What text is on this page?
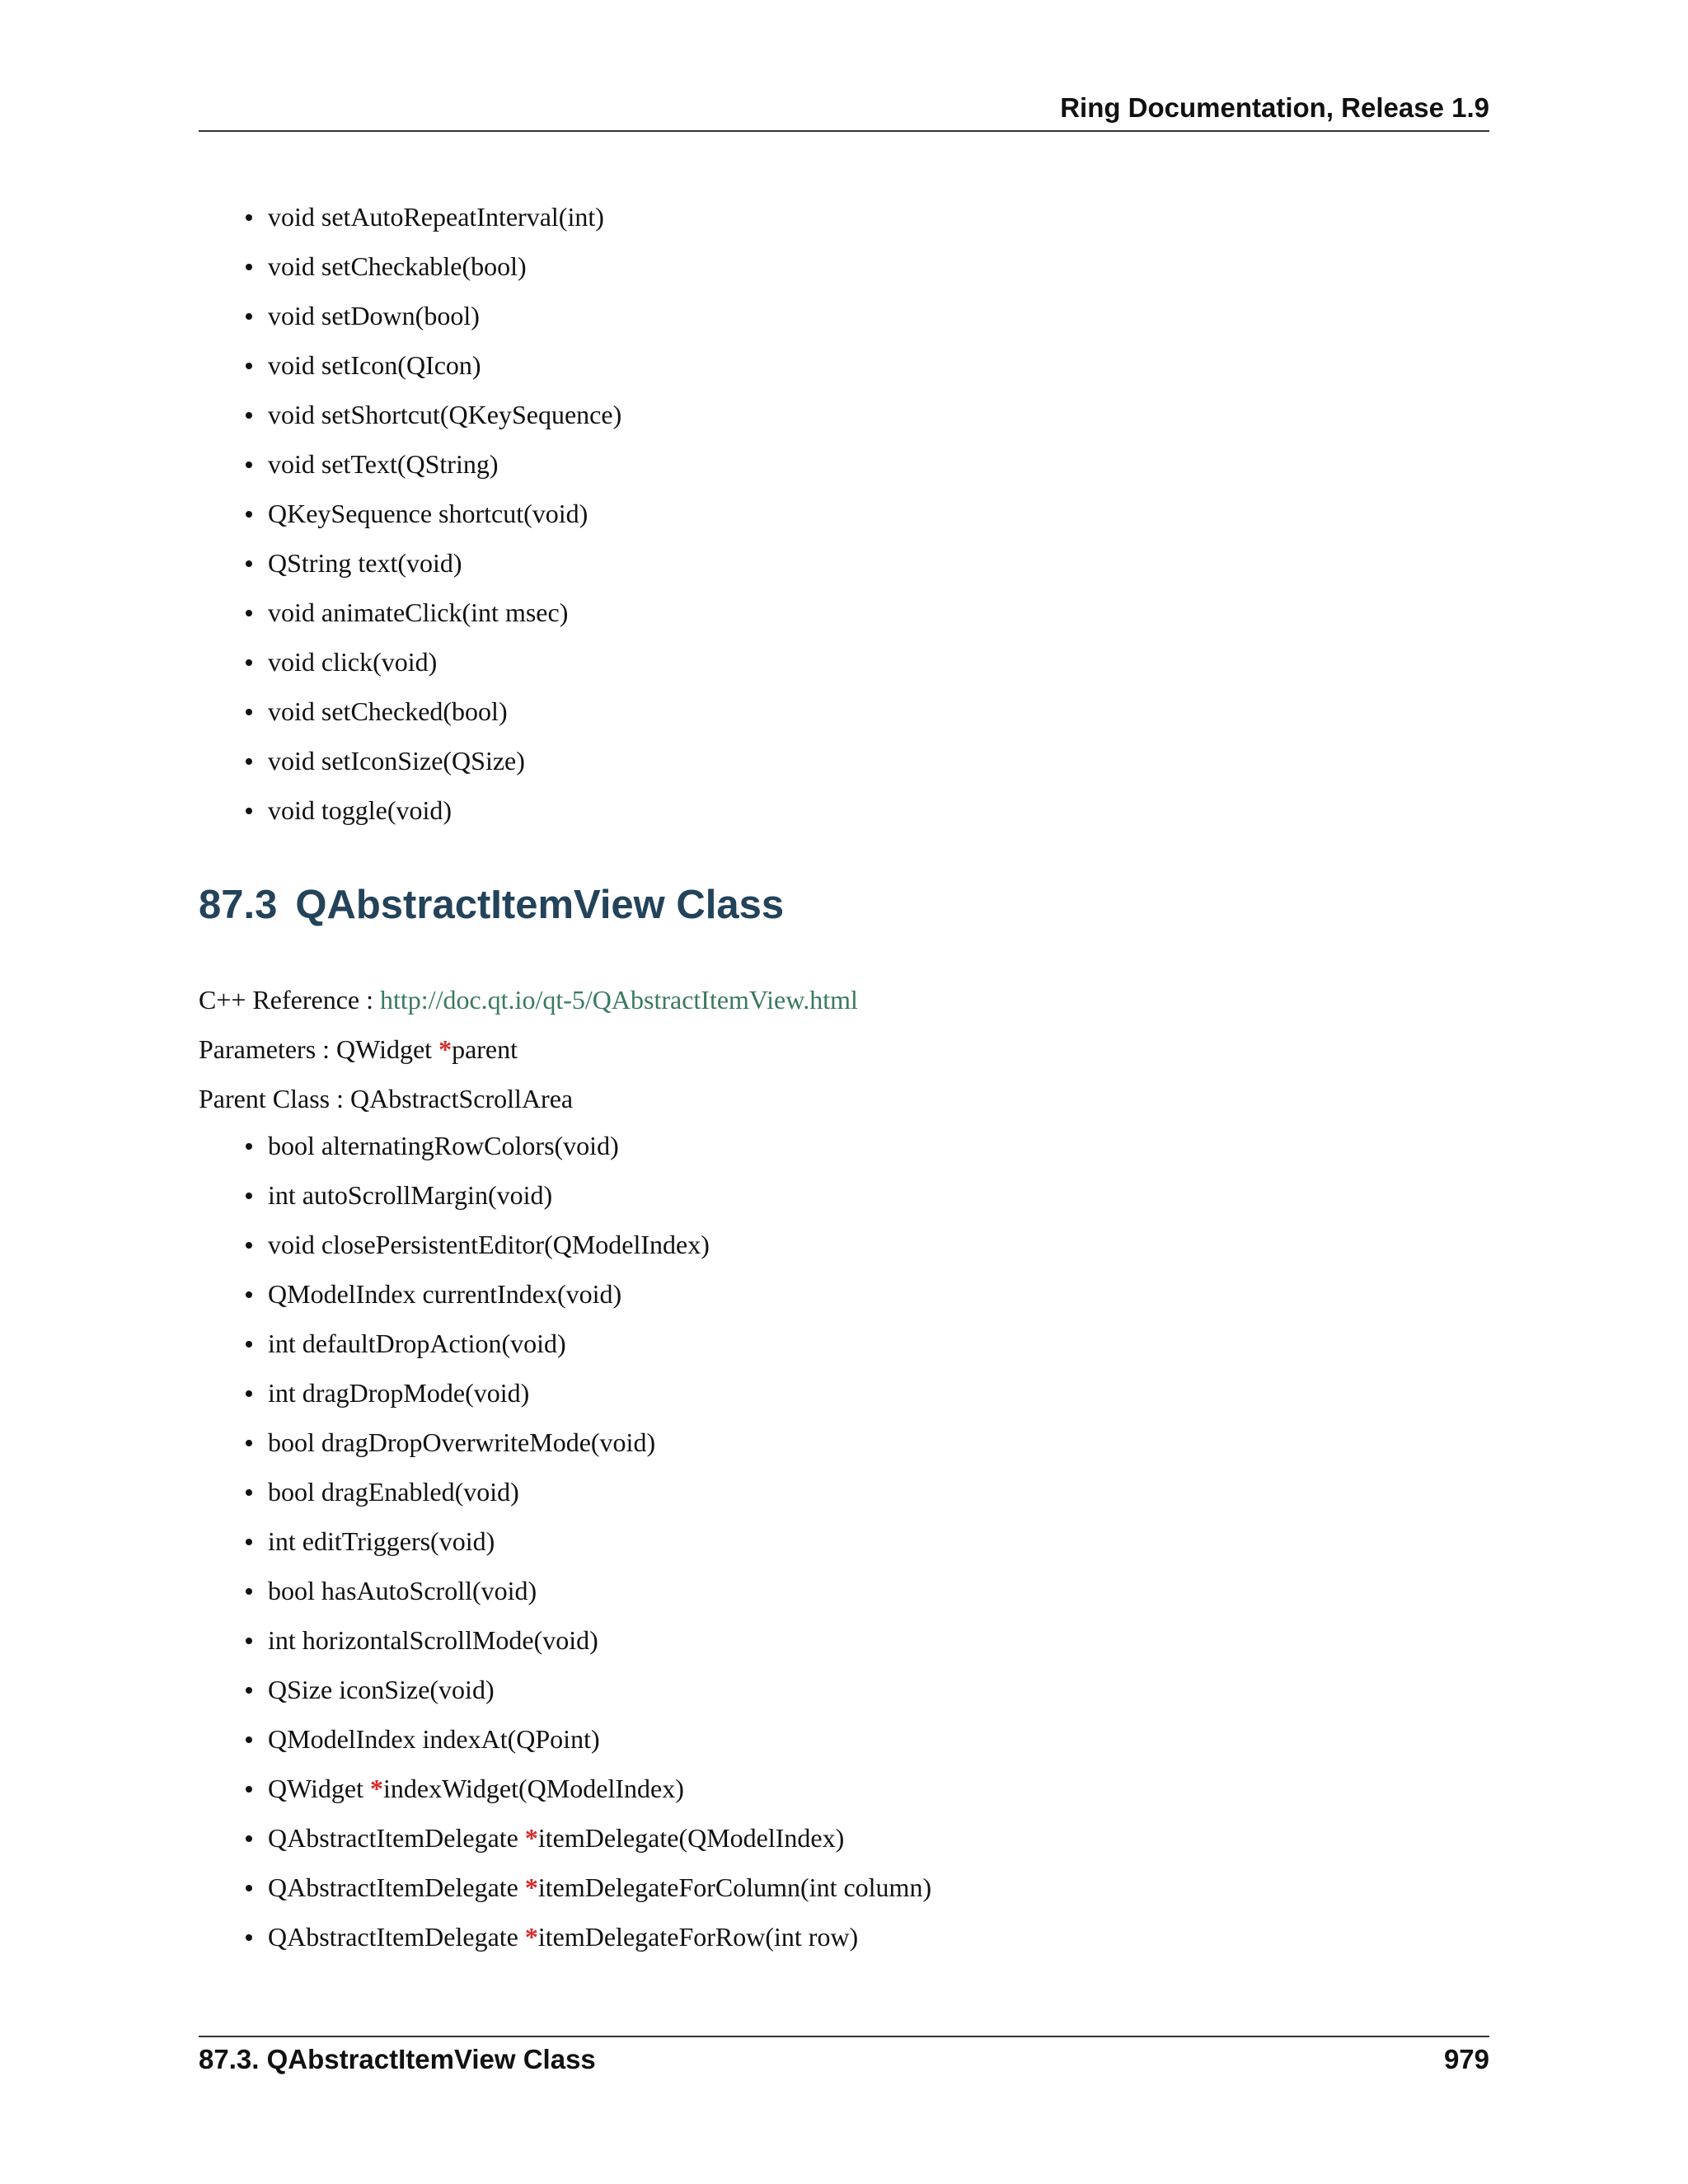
Ring Documentation, Release 1.9
void setAutoRepeatInterval(int)
void setCheckable(bool)
void setDown(bool)
void setIcon(QIcon)
void setShortcut(QKeySequence)
void setText(QString)
QKeySequence shortcut(void)
QString text(void)
void animateClick(int msec)
void click(void)
void setChecked(bool)
void setIconSize(QSize)
void toggle(void)
87.3 QAbstractItemView Class
C++ Reference : http://doc.qt.io/qt-5/QAbstractItemView.html
Parameters : QWidget *parent
Parent Class : QAbstractScrollArea
bool alternatingRowColors(void)
int autoScrollMargin(void)
void closePersistentEditor(QModelIndex)
QModelIndex currentIndex(void)
int defaultDropAction(void)
int dragDropMode(void)
bool dragDropOverwriteMode(void)
bool dragEnabled(void)
int editTriggers(void)
bool hasAutoScroll(void)
int horizontalScrollMode(void)
QSize iconSize(void)
QModelIndex indexAt(QPoint)
QWidget *indexWidget(QModelIndex)
QAbstractItemDelegate *itemDelegate(QModelIndex)
QAbstractItemDelegate *itemDelegateForColumn(int column)
QAbstractItemDelegate *itemDelegateForRow(int row)
87.3. QAbstractItemView Class	979
